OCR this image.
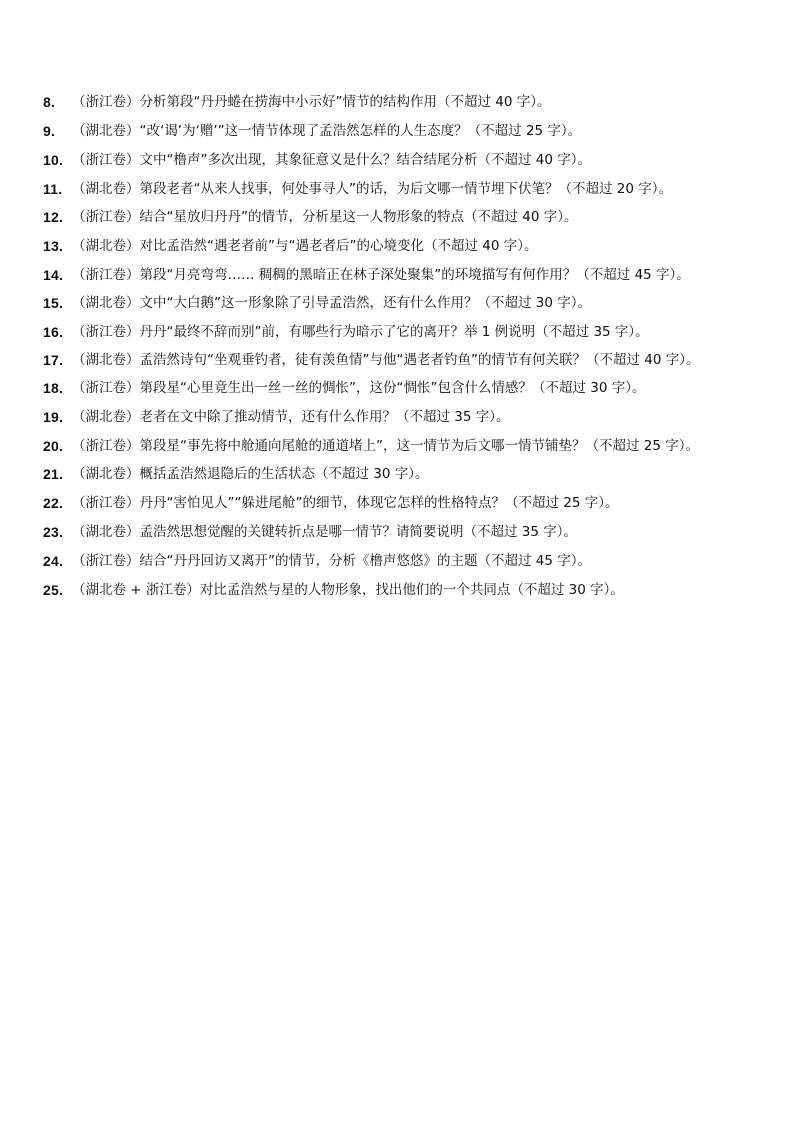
8.	（浙江卷）分析第段“丹丹蜷在捞海中小示好”情节的结构作用（不超过 40 字）。
9.	（湖北卷）“改‘谒’为‘赠’”这一情节体现了孟浩然怎样的人生态度？（不超过 25 字）。
10. （浙江卷）文中“橹声”多次出现，其象征意义是什么？结合结尾分析（不超过 40 字）。
11. （湖北卷）第段老者“从来人找事，何处事寻人”的话，为后文哪一情节埋下伏笔？（不超过 20 字）。
12. （浙江卷）结合“星放归丹丹”的情节，分析星这一人物形象的特点（不超过 40 字）。
13. （湖北卷）对比孟浩然“遇老者前”与“遇老者后”的心境变化（不超过 40 字）。
14. （浙江卷）第段“月亮弯弯…… 稠稠的黑暗正在林子深处聚集”的环境描写有何作用？（不超过 45 字）。
15. （湖北卷）文中“大白鹅”这一形象除了引导孟浩然，还有什么作用？（不超过 30 字）。
16. （浙江卷）丹丹“最终不辞而别”前，有哪些行为暗示了它的离开？举 1 例说明（不超过 35 字）。
17. （湖北卷）孟浩然诗句“坐观垂钓者，徒有羡鱼情”与他“遇老者钓鱼”的情节有何关联？（不超过 40 字）。
18. （浙江卷）第段星“心里竟生出一丝一丝的惆怅”，这份“惆怅”包含什么情感？（不超过 30 字）。
19. （湖北卷）老者在文中除了推动情节，还有什么作用？（不超过 35 字）。
20. （浙江卷）第段星“事先将中舱通向尾舱的通道堵上”，这一情节为后文哪一情节铺垫？（不超过 25 字）。
21. （湖北卷）概括孟浩然退隐后的生活状态（不超过 30 字）。
22. （浙江卷）丹丹“害怕见人”“躲进尾舱”的细节，体现它怎样的性格特点？（不超过 25 字）。
23. （湖北卷）孟浩然思想觉醒的关键转折点是哪一情节？请简要说明（不超过 35 字）。
24. （浙江卷）结合“丹丹回访又离开”的情节，分析《橹声悠悠》的主题（不超过 45 字）。
25. （湖北卷 + 浙江卷）对比孟浩然与星的人物形象，找出他们的一个共同点（不超过 30 字）。
